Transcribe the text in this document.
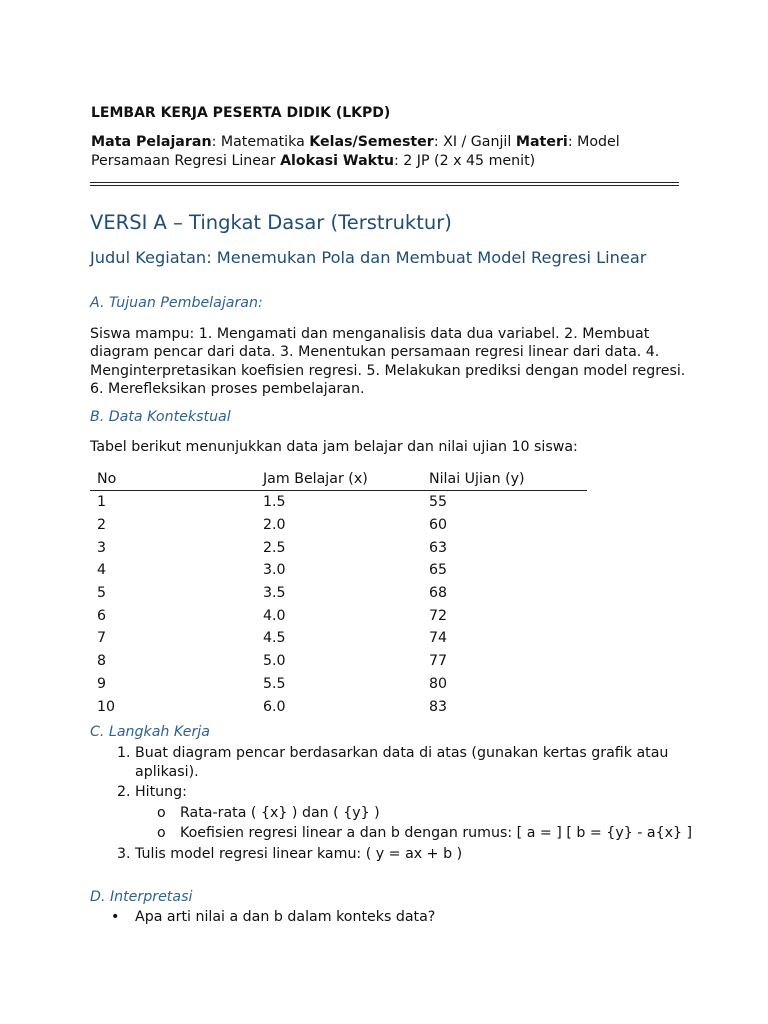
LEMBAR KERJA PESERTA DIDIK (LKPD)
Mata Pelajaran: Matematika Kelas/Semester: XI / Ganjil Materi: Model Persamaan Regresi Linear Alokasi Waktu: 2 JP (2 x 45 menit)
VERSI A – Tingkat Dasar (Terstruktur)
Judul Kegiatan: Menemukan Pola dan Membuat Model Regresi Linear
A. Tujuan Pembelajaran:
Siswa mampu: 1. Mengamati dan menganalisis data dua variabel. 2. Membuat diagram pencar dari data. 3. Menentukan persamaan regresi linear dari data. 4. Menginterpretasikan koefisien regresi. 5. Melakukan prediksi dengan model regresi. 6. Merefleksikan proses pembelajaran.
B. Data Kontekstual
Tabel berikut menunjukkan data jam belajar dan nilai ujian 10 siswa:
No	Jam Belajar (x)	Nilai Ujian (y)
1	1.5	55
2	2.0	60
3	2.5	63
4	3.0	65
5	3.5	68
6	4.0	72
7	4.5	74
8	5.0	77
9	5.5	80
10	6.0	83
C. Langkah Kerja
1. Buat diagram pencar berdasarkan data di atas (gunakan kertas grafik atau aplikasi).
2. Hitung:
o Rata-rata ( {x} ) dan ( {y} )
o Koefisien regresi linear a dan b dengan rumus: [ a = ] [ b = {y} - a{x} ]
3. Tulis model regresi linear kamu: ( y = ax + b )
D. Interpretasi
• Apa arti nilai a dan b dalam konteks data?
